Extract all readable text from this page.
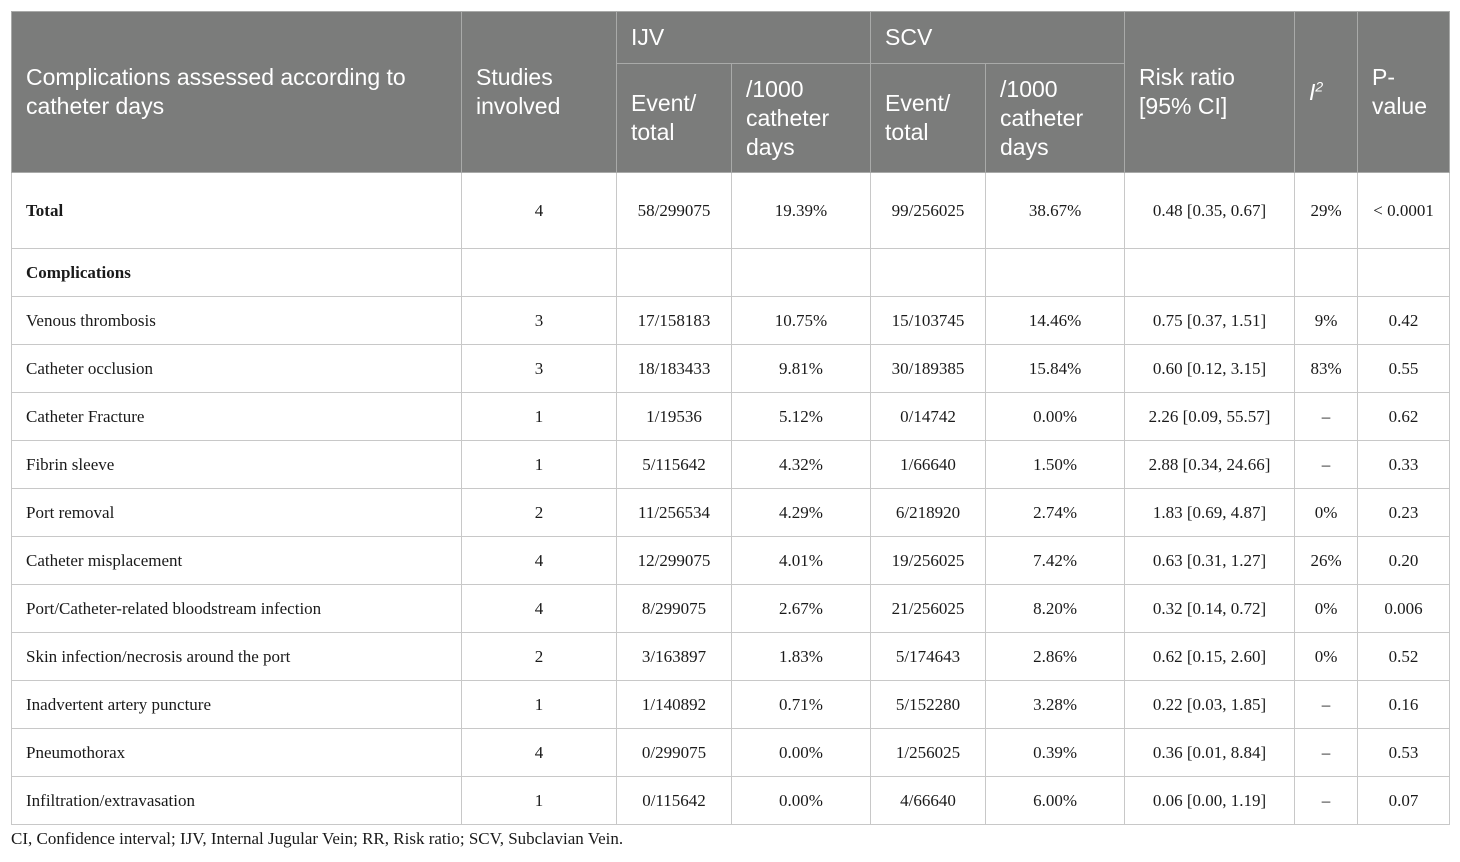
Complications assessed according to catheter days	Studies involved	IJV		SCV		Risk ratio [95% CI]	$I^2$	P-value
		Event/ total	/1000 catheter days	Event/ total	/1000 catheter days			
Total	4	58/299075	19.39%	99/256025	38.67%	0.48 [0.35, 0.67]	29%	< 0.0001
Complications								
Venous thrombosis	3	17/158183	10.75%	15/103745	14.46%	0.75 [0.37, 1.51]	9%	0.42
Catheter occlusion	3	18/183433	9.81%	30/189385	15.84%	0.60 [0.12, 3.15]	83%	0.55
Catheter Fracture	1	1/19536	5.12%	0/14742	0.00%	2.26 [0.09, 55.57]	–	0.62
Fibrin sleeve	1	5/115642	4.32%	1/66640	1.50%	2.88 [0.34, 24.66]	–	0.33
Port removal	2	11/256534	4.29%	6/218920	2.74%	1.83 [0.69, 4.87]	0%	0.23
Catheter misplacement	4	12/299075	4.01%	19/256025	7.42%	0.63 [0.31, 1.27]	26%	0.20
Port/Catheter-related bloodstream infection	4	8/299075	2.67%	21/256025	8.20%	0.32 [0.14, 0.72]	0%	0.006
Skin infection/necrosis around the port	2	3/163897	1.83%	5/174643	2.86%	0.62 [0.15, 2.60]	0%	0.52
Inadvertent artery puncture	1	1/140892	0.71%	5/152280	3.28%	0.22 [0.03, 1.85]	–	0.16
Pneumothorax	4	0/299075	0.00%	1/256025	0.39%	0.36 [0.01, 8.84]	–	0.53
Infiltration/extravasation	1	0/115642	0.00%	4/66640	6.00%	0.06 [0.00, 1.19]	–	0.07
CI, Confidence interval; IJV, Internal Jugular Vein; RR, Risk ratio; SCV, Subclavian Vein.
